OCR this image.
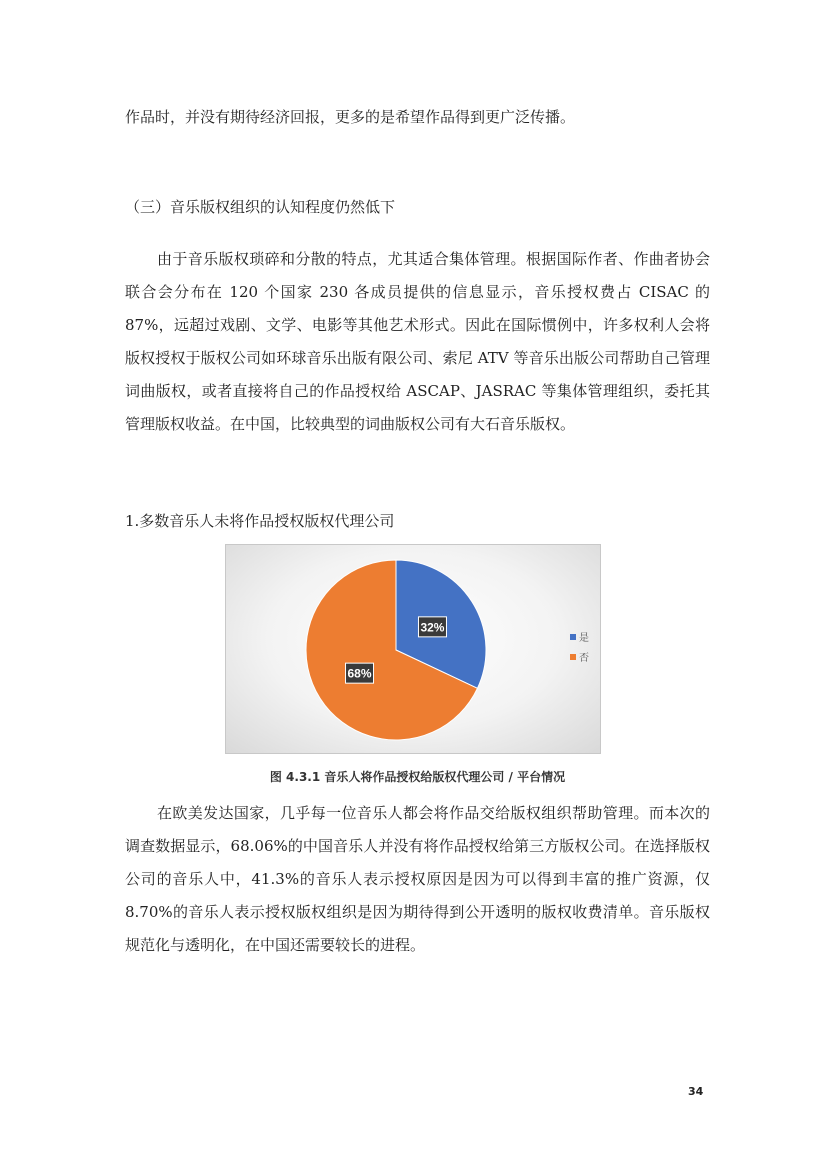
作品时，并没有期待经济回报，更多的是希望作品得到更广泛传播。

（三）音乐版权组织的认知程度仍然低下

由于音乐版权琐碎和分散的特点，尤其适合集体管理。根据国际作者、作曲者协会联合会分布在 120 个国家 230 各成员提供的信息显示，音乐授权费占 CISAC 的 87%，远超过戏剧、文学、电影等其他艺术形式。因此在国际惯例中，许多权利人会将版权授权于版权公司如环球音乐出版有限公司、索尼 ATV 等音乐出版公司帮助自己管理词曲版权，或者直接将自己的作品授权给 ASCAP、JASRAC 等集体管理组织，委托其管理版权收益。在中国，比较典型的词曲版权公司有大石音乐版权。

1.多数音乐人未将作品授权版权代理公司

32%
68%
是
否
图 4.3.1 音乐人将作品授权给版权代理公司 / 平台情况

在欧美发达国家，几乎每一位音乐人都会将作品交给版权组织帮助管理。而本次的调查数据显示，68.06%的中国音乐人并没有将作品授权给第三方版权公司。在选择版权公司的音乐人中，41.3%的音乐人表示授权原因是因为可以得到丰富的推广资源，仅 8.70%的音乐人表示授权版权组织是因为期待得到公开透明的版权收费清单。音乐版权规范化与透明化，在中国还需要较长的进程。

34
